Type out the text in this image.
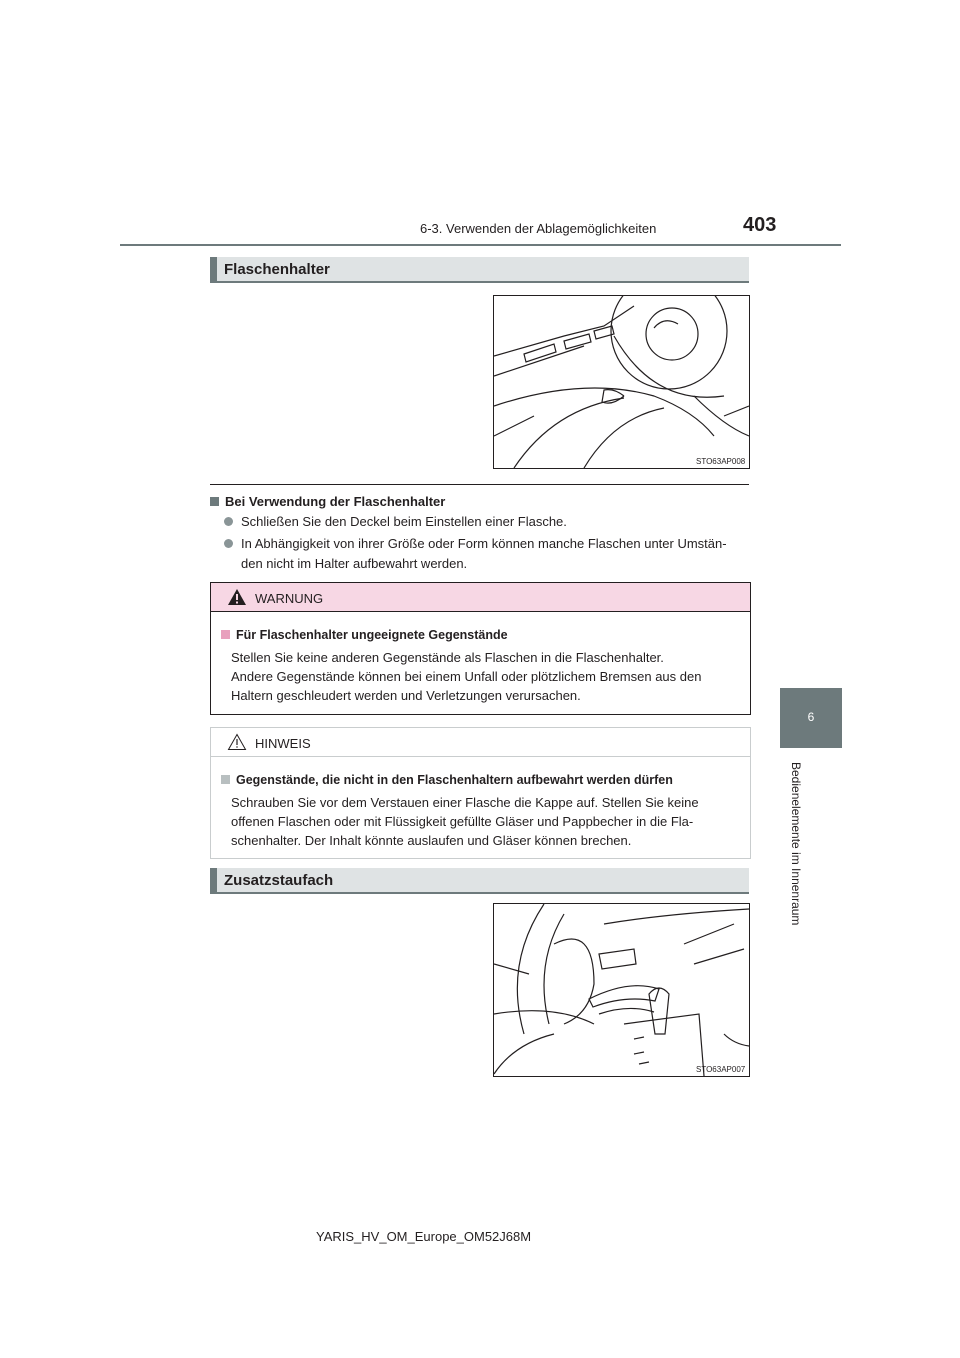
6-3. Verwenden der Ablagemöglichkeiten	403
6
Bedienelemente im Innenraum
Flaschenhalter
STO63AP008
Bei Verwendung der Flaschenhalter
Schließen Sie den Deckel beim Einstellen einer Flasche.
In Abhängigkeit von ihrer Größe oder Form können manche Flaschen unter Umstän-
den nicht im Halter aufbewahrt werden.
WARNUNG
Für Flaschenhalter ungeeignete Gegenstände
Stellen Sie keine anderen Gegenstände als Flaschen in die Flaschenhalter.
Andere Gegenstände können bei einem Unfall oder plötzlichem Bremsen aus den
Haltern geschleudert werden und Verletzungen verursachen.
HINWEIS
Gegenstände, die nicht in den Flaschenhaltern aufbewahrt werden dürfen
Schrauben Sie vor dem Verstauen einer Flasche die Kappe auf. Stellen Sie keine
offenen Flaschen oder mit Flüssigkeit gefüllte Gläser und Pappbecher in die Fla-
schenhalter. Der Inhalt könnte auslaufen und Gläser können brechen.
Zusatzstaufach
STO63AP007
YARIS_HV_OM_Europe_OM52J68M
